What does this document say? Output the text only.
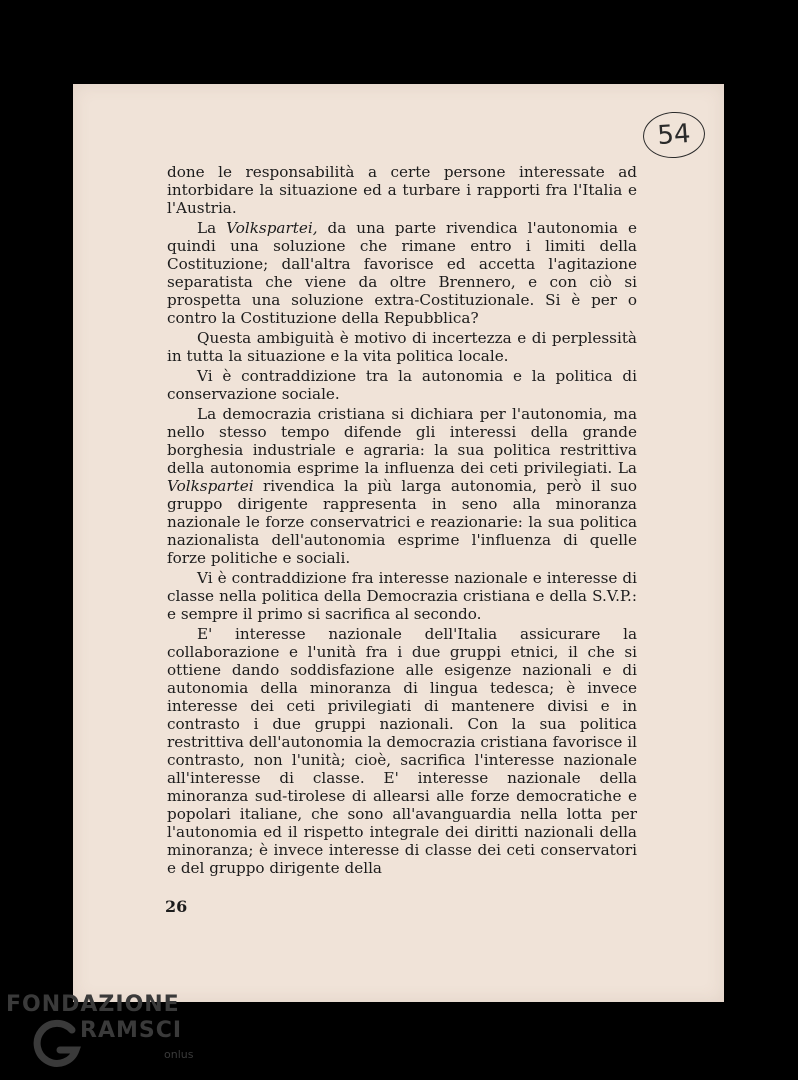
54

done le responsabilità a certe persone interessate ad intorbidare la situazione ed a turbare i rapporti fra l'Italia e l'Austria.

La Volkspartei, da una parte rivendica l'autonomia e quindi una soluzione che rimane entro i limiti della Costituzione; dall'altra favorisce ed accetta l'agitazione separatista che viene da oltre Brennero, e con ciò si prospetta una soluzione extra-Costituzionale. Si è per o contro la Costituzione della Repubblica?

Questa ambiguità è motivo di incertezza e di perplessità in tutta la situazione e la vita politica locale.

Vi è contraddizione tra la autonomia e la politica di conservazione sociale.

La democrazia cristiana si dichiara per l'autonomia, ma nello stesso tempo difende gli interessi della grande borghesia industriale e agraria: la sua politica restrittiva della autonomia esprime la influenza dei ceti privilegiati. La Volkspartei rivendica la più larga autonomia, però il suo gruppo dirigente rappresenta in seno alla minoranza nazionale le forze conservatrici e reazionarie: la sua politica nazionalista dell'autonomia esprime l'influenza di quelle forze politiche e sociali.

Vi è contraddizione fra interesse nazionale e interesse di classe nella politica della Democrazia cristiana e della S.V.P.: e sempre il primo si sacrifica al secondo.

E' interesse nazionale dell'Italia assicurare la collaborazione e l'unità fra i due gruppi etnici, il che si ottiene dando soddisfazione alle esigenze nazionali e di autonomia della minoranza di lingua tedesca; è invece interesse dei ceti privilegiati di mantenere divisi e in contrasto i due gruppi nazionali. Con la sua politica restrittiva dell'autonomia la democrazia cristiana favorisce il contrasto, non l'unità; cioè, sacrifica l'interesse nazionale all'interesse di classe. E' interesse nazionale della minoranza sud-tirolese di allearsi alle forze democratiche e popolari italiane, che sono all'avanguardia nella lotta per l'autonomia ed il rispetto integrale dei diritti nazionali della minoranza; è invece interesse di classe dei ceti conservatori e del gruppo dirigente della

26
FONDAZIONE
RAMSCI
onlus
